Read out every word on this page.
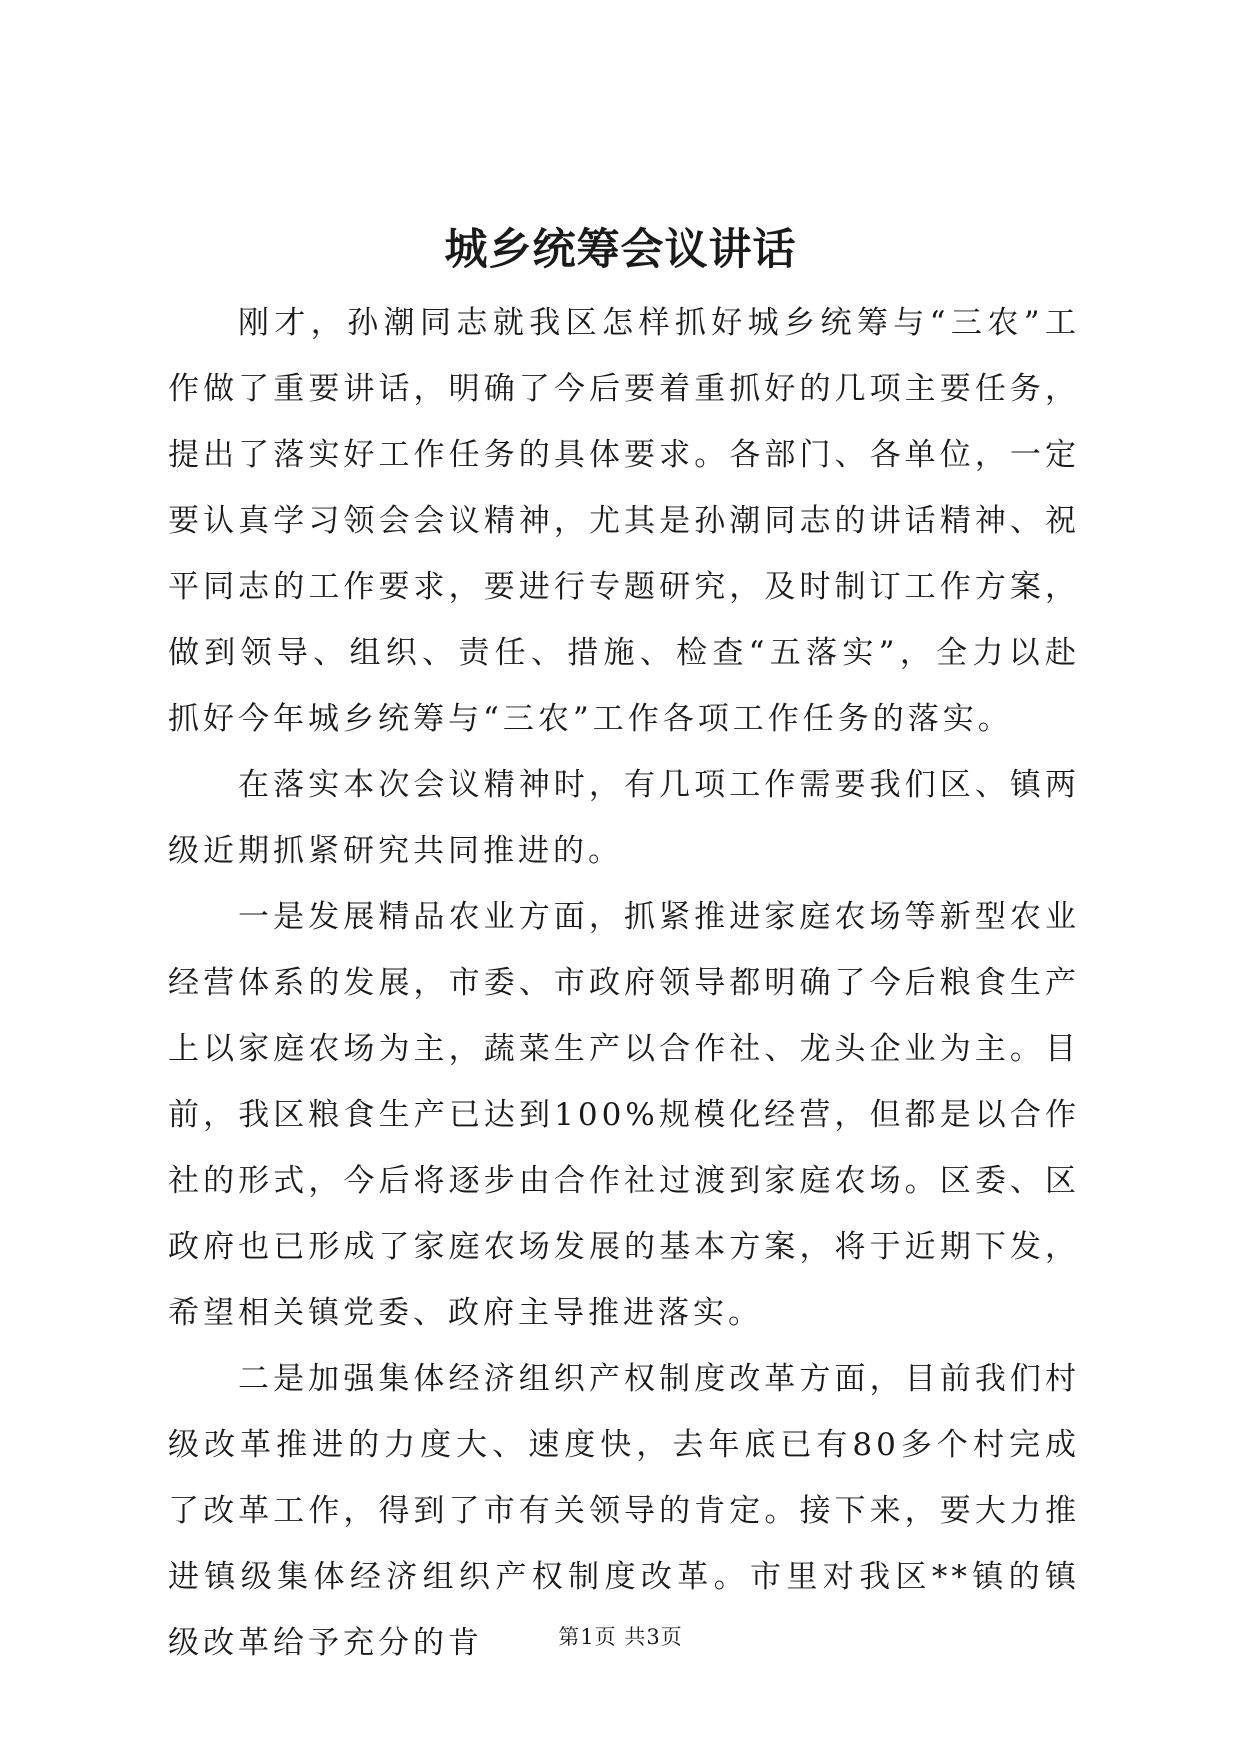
城乡统筹会议讲话

刚才，孙潮同志就我区怎样抓好城乡统筹与“三农”工作做了重要讲话，明确了今后要着重抓好的几项主要任务，提出了落实好工作任务的具体要求。各部门、各单位，一定要认真学习领会会议精神，尤其是孙潮同志的讲话精神、祝平同志的工作要求，要进行专题研究，及时制订工作方案，做到领导、组织、责任、措施、检查“五落实”，全力以赴抓好今年城乡统筹与“三农”工作各项工作任务的落实。

在落实本次会议精神时，有几项工作需要我们区、镇两级近期抓紧研究共同推进的。

一是发展精品农业方面，抓紧推进家庭农场等新型农业经营体系的发展，市委、市政府领导都明确了今后粮食生产上以家庭农场为主，蔬菜生产以合作社、龙头企业为主。目前，我区粮食生产已达到100%规模化经营，但都是以合作社的形式，今后将逐步由合作社过渡到家庭农场。区委、区政府也已形成了家庭农场发展的基本方案，将于近期下发，希望相关镇党委、政府主导推进落实。

二是加强集体经济组织产权制度改革方面，目前我们村级改革推进的力度大、速度快，去年底已有80多个村完成了改革工作，得到了市有关领导的肯定。接下来，要大力推进镇级集体经济组织产权制度改革。市里对我区**镇的镇级改革给予充分的肯	第1页 共3页
